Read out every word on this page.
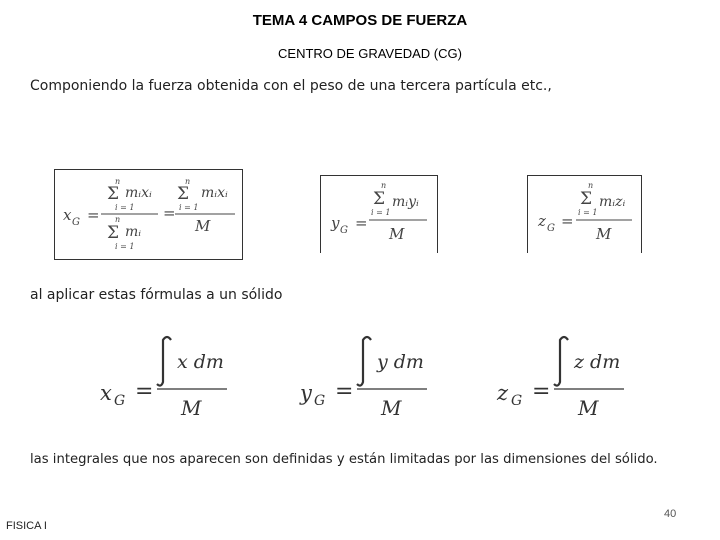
TEMA 4 CAMPOS DE FUERZA
CENTRO DE GRAVEDAD (CG)
Componiendo la fuerza obtenida con el peso de una tercera partícula etc.,
x G =
n
Σ
i = 1
mᵢxᵢ
n
Σ
i = 1
mᵢ
=
n
Σ
i = 1
mᵢxᵢ
M	y G =
n
Σ
i = 1
mᵢyᵢ
M
z G =
n
Σ
i = 1
mᵢzᵢ
M
al aplicar estas fórmulas a un sólido
x G =
x dm
M
y G =
y dm
M
z G =
z dm
M
las integrales que nos aparecen son definidas y están limitadas por las dimensiones del sólido.
FISICA I
40
